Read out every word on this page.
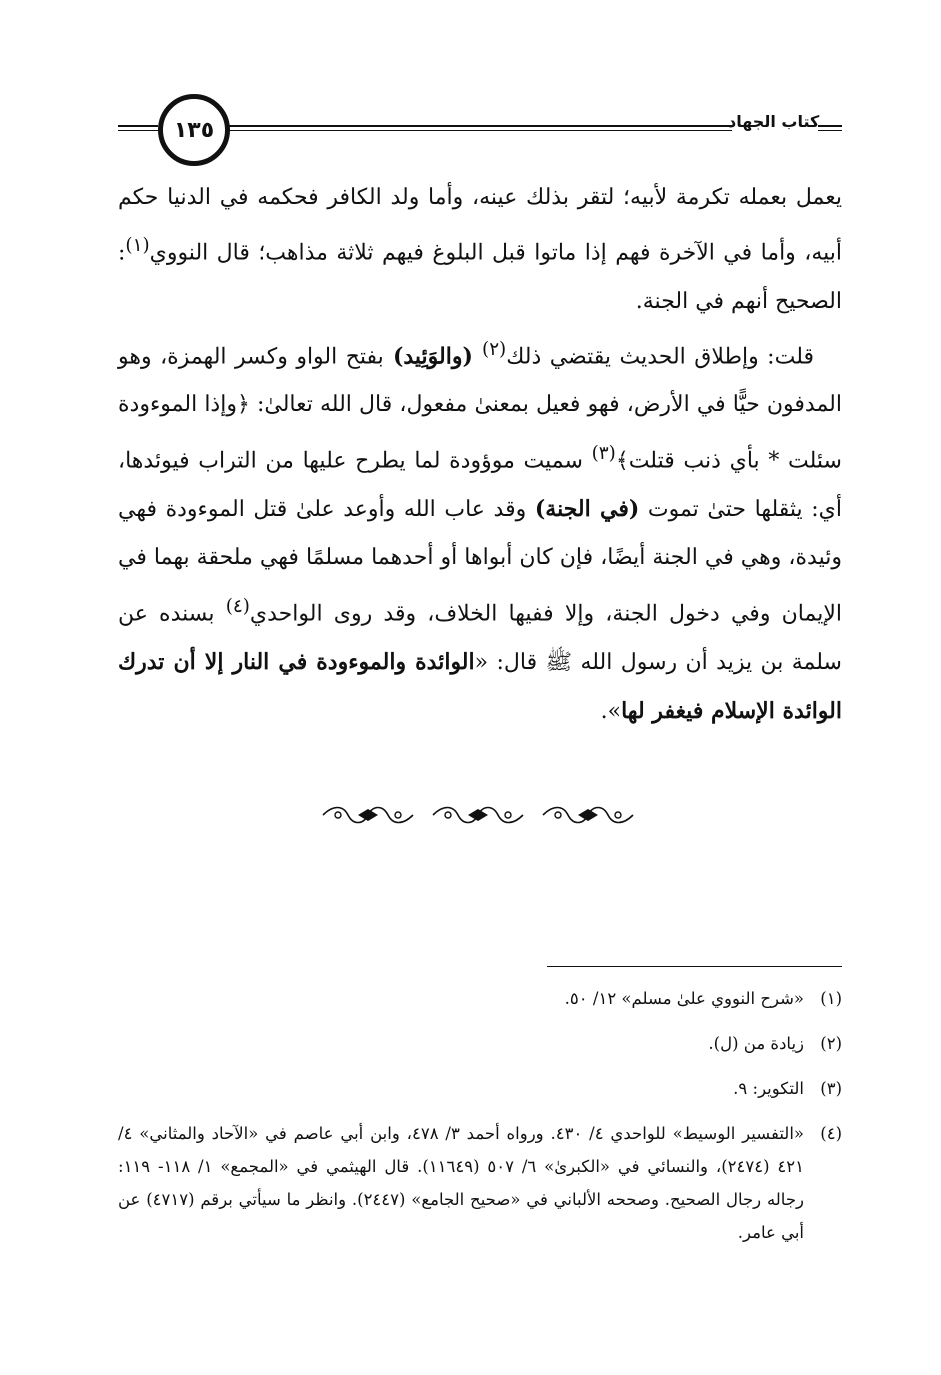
١٣٥	كتاب الجهاد

يعمل بعمله تكرمة لأبيه؛ لتقر بذلك عينه، وأما ولد الكافر فحكمه في الدنيا حكم أبيه، وأما في الآخرة فهم إذا ماتوا قبل البلوغ فيهم ثلاثة مذاهب؛ قال النووي$^{(١)}$: الصحيح أنهم في الجنة.

قلت: وإطلاق الحديث يقتضي ذلك$^{(٢)}$ (والوَئِيد) بفتح الواو وكسر الهمزة، وهو المدفون حيًّا في الأرض، فهو فعيل بمعنىٰ مفعول، قال الله تعالىٰ: ﴿وإذا الموءودة سئلت * بأي ذنب قتلت﴾$^{(٣)}$ سميت موؤودة لما يطرح عليها من التراب فيوئدها، أي: يثقلها حتىٰ تموت (في الجنة) وقد عاب الله وأوعد علىٰ قتل الموءودة فهي وئيدة، وهي في الجنة أيضًا، فإن كان أبواها أو أحدهما مسلمًا فهي ملحقة بهما في الإيمان وفي دخول الجنة، وإلا ففيها الخلاف، وقد روى الواحدي$^{(٤)}$ بسنده عن سلمة بن يزيد أن رسول الله ﷺ قال: «الوائدة والموءودة في النار إلا أن تدرك الوائدة الإسلام فيغفر لها».

(١)
«شرح النووي علىٰ مسلم» ١٢/ ٥٠.
(٢)
زيادة من (ل).
(٣)
التكوير: ٩.
(٤)
«التفسير الوسيط» للواحدي ٤/ ٤٣٠. ورواه أحمد ٣/ ٤٧٨، وابن أبي عاصم في «الآحاد والمثاني» ٤/ ٤٢١ (٢٤٧٤)، والنسائي في «الكبرىٰ» ٦/ ٥٠٧ (١١٦٤٩). قال الهيثمي في «المجمع» ١/ ١١٨- ١١٩: رجاله رجال الصحيح. وصححه الألباني في «صحيح الجامع» (٢٤٤٧). وانظر ما سيأتي برقم (٤٧١٧) عن أبي عامر.
